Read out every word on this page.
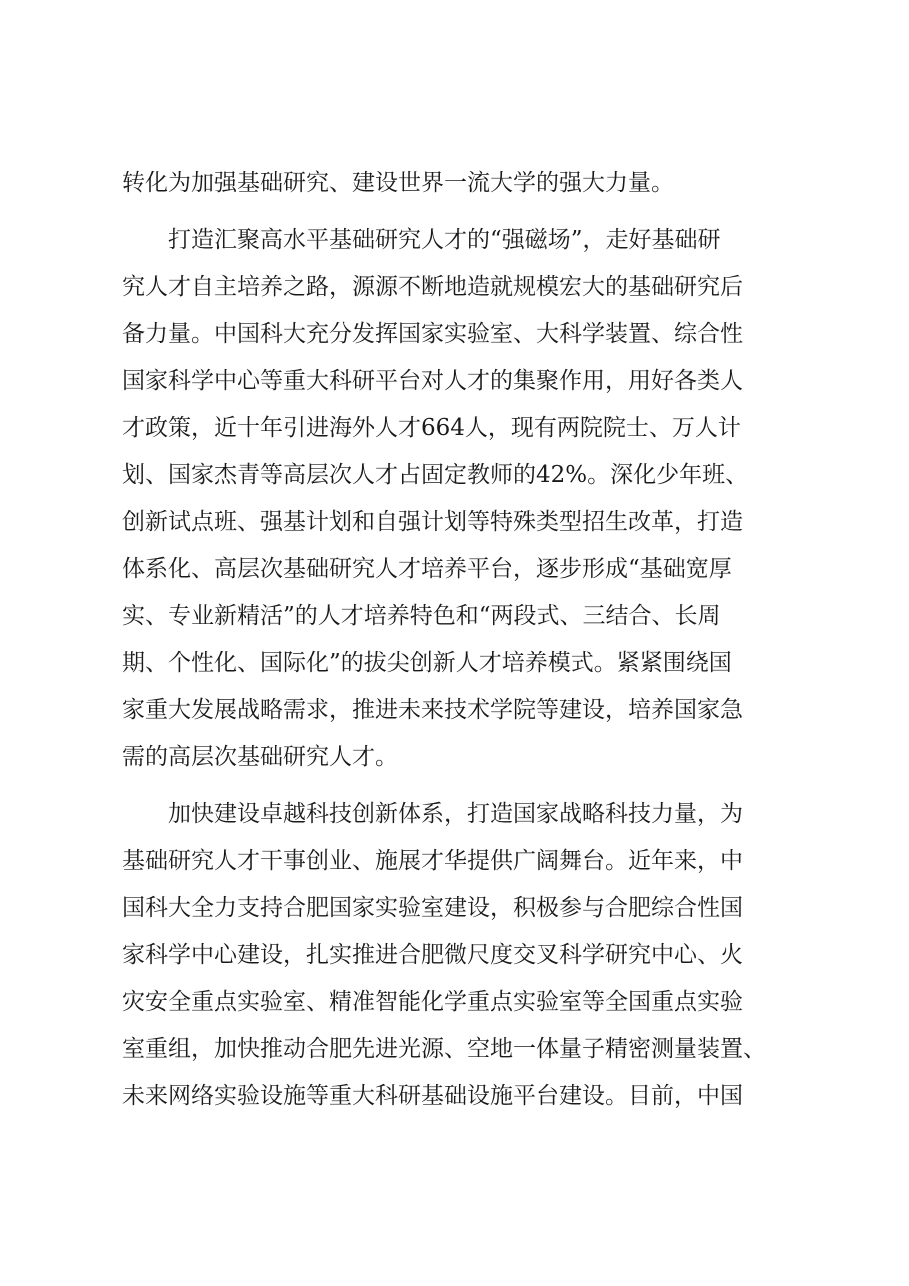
转化为加强基础研究、建设世界一流大学的强大力量。
打造汇聚高水平基础研究人才的“强磁场”，走好基础研
究人才自主培养之路，源源不断地造就规模宏大的基础研究后
备力量。中国科大充分发挥国家实验室、大科学装置、综合性
国家科学中心等重大科研平台对人才的集聚作用，用好各类人
才政策，近十年引进海外人才664人，现有两院院士、万人计
划、国家杰青等高层次人才占固定教师的42%。深化少年班、
创新试点班、强基计划和自强计划等特殊类型招生改革，打造
体系化、高层次基础研究人才培养平台，逐步形成“基础宽厚
实、专业新精活”的人才培养特色和“两段式、三结合、长周
期、个性化、国际化”的拔尖创新人才培养模式。紧紧围绕国
家重大发展战略需求，推进未来技术学院等建设，培养国家急
需的高层次基础研究人才。
加快建设卓越科技创新体系，打造国家战略科技力量，为
基础研究人才干事创业、施展才华提供广阔舞台。近年来，中
国科大全力支持合肥国家实验室建设，积极参与合肥综合性国
家科学中心建设，扎实推进合肥微尺度交叉科学研究中心、火
灾安全重点实验室、精准智能化学重点实验室等全国重点实验
室重组，加快推动合肥先进光源、空地一体量子精密测量装置、
未来网络实验设施等重大科研基础设施平台建设。目前，中国
